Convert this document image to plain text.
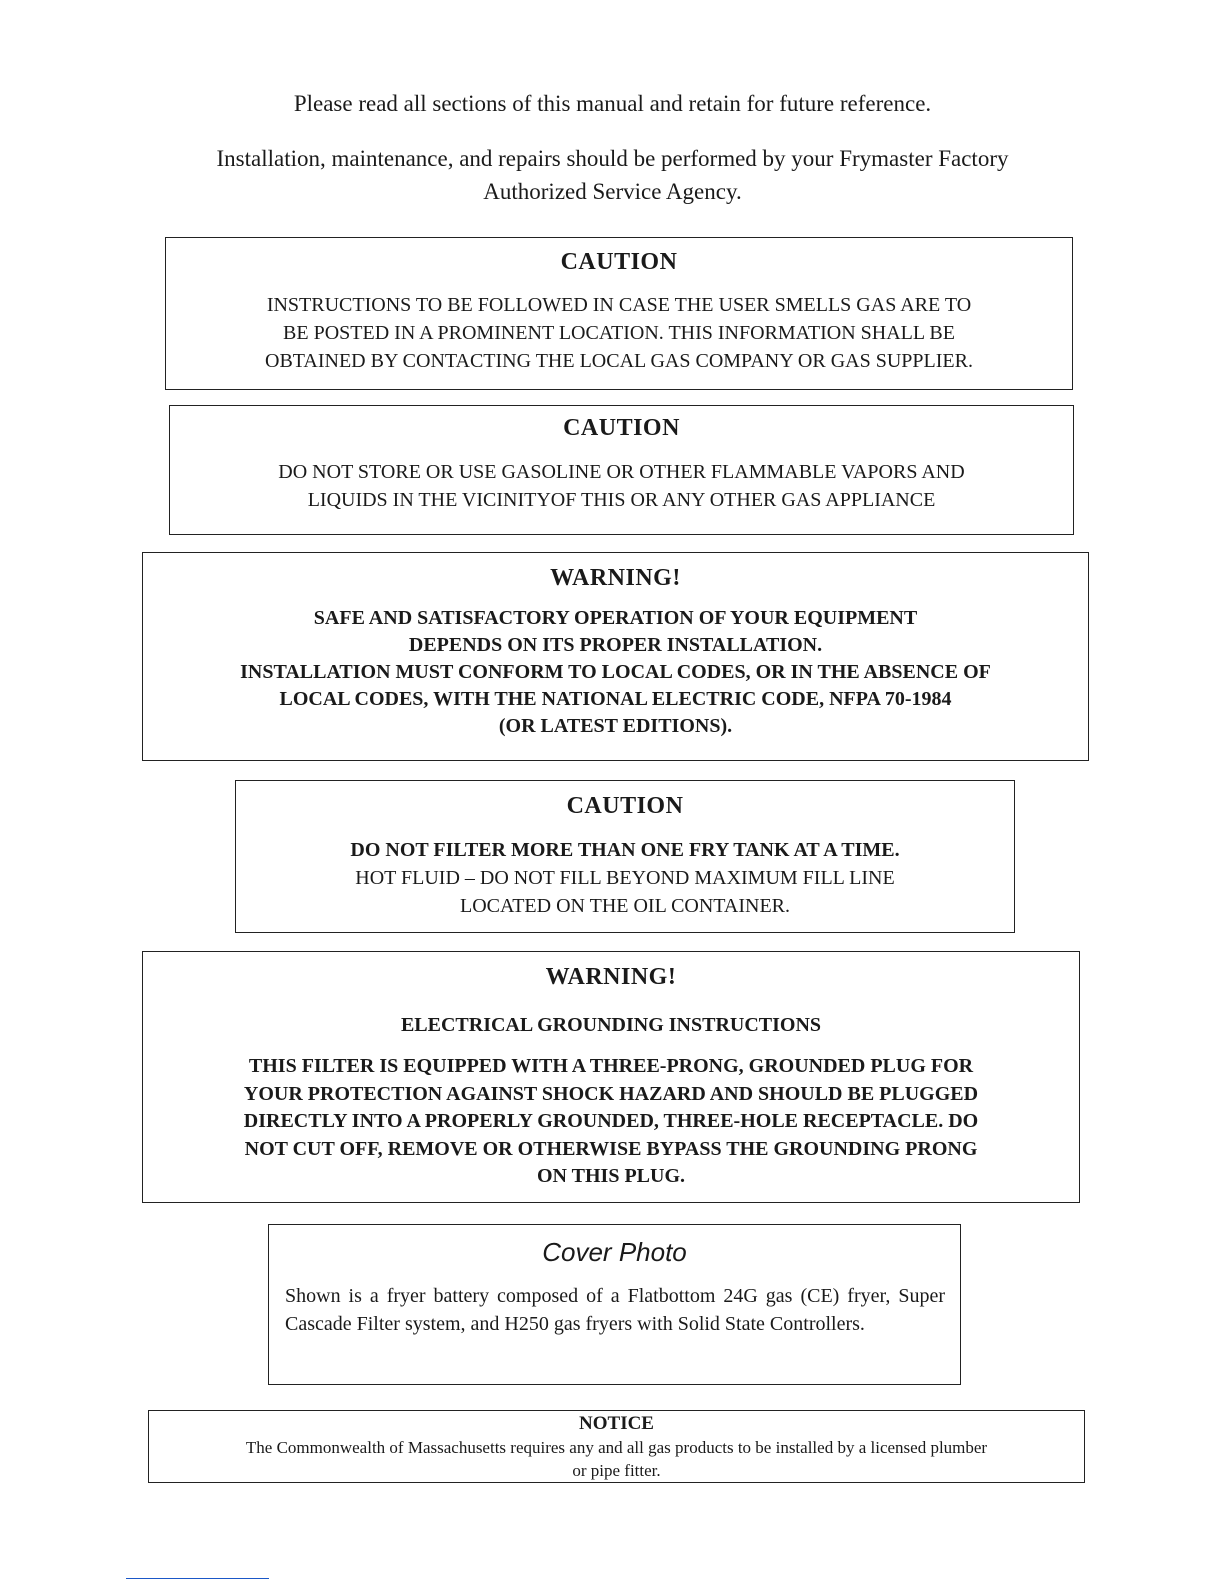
Please read all sections of this manual and retain for future reference.
Installation, maintenance, and repairs should be performed by your Frymaster Factory
Authorized Service Agency.
CAUTION
INSTRUCTIONS TO BE FOLLOWED IN CASE THE USER SMELLS GAS ARE TO
BE POSTED IN A PROMINENT LOCATION. THIS INFORMATION SHALL BE
OBTAINED BY CONTACTING THE LOCAL GAS COMPANY OR GAS SUPPLIER.
CAUTION
DO NOT STORE OR USE GASOLINE OR OTHER FLAMMABLE VAPORS AND
LIQUIDS IN THE VICINITYOF THIS OR ANY OTHER GAS APPLIANCE
WARNING!
SAFE AND SATISFACTORY OPERATION OF YOUR EQUIPMENT
DEPENDS ON ITS PROPER INSTALLATION.
INSTALLATION MUST CONFORM TO LOCAL CODES, OR IN THE ABSENCE OF
LOCAL CODES, WITH THE NATIONAL ELECTRIC CODE, NFPA 70-1984
(OR LATEST EDITIONS).
CAUTION
DO NOT FILTER MORE THAN ONE FRY TANK AT A TIME.
HOT FLUID – DO NOT FILL BEYOND MAXIMUM FILL LINE
LOCATED ON THE OIL CONTAINER.
WARNING!
ELECTRICAL GROUNDING INSTRUCTIONS
THIS FILTER IS EQUIPPED WITH A THREE-PRONG, GROUNDED PLUG FOR
YOUR PROTECTION AGAINST SHOCK HAZARD AND SHOULD BE PLUGGED
DIRECTLY INTO A PROPERLY GROUNDED, THREE-HOLE RECEPTACLE. DO
NOT CUT OFF, REMOVE OR OTHERWISE BYPASS THE GROUNDING PRONG
ON THIS PLUG.
Cover Photo
Shown is a fryer battery composed of a Flatbottom 24G gas (CE) fryer, Super Cascade Filter system, and H250 gas fryers with Solid State Controllers.
NOTICE
The Commonwealth of Massachusetts requires any and all gas products to be installed by a licensed plumber
or pipe fitter.
